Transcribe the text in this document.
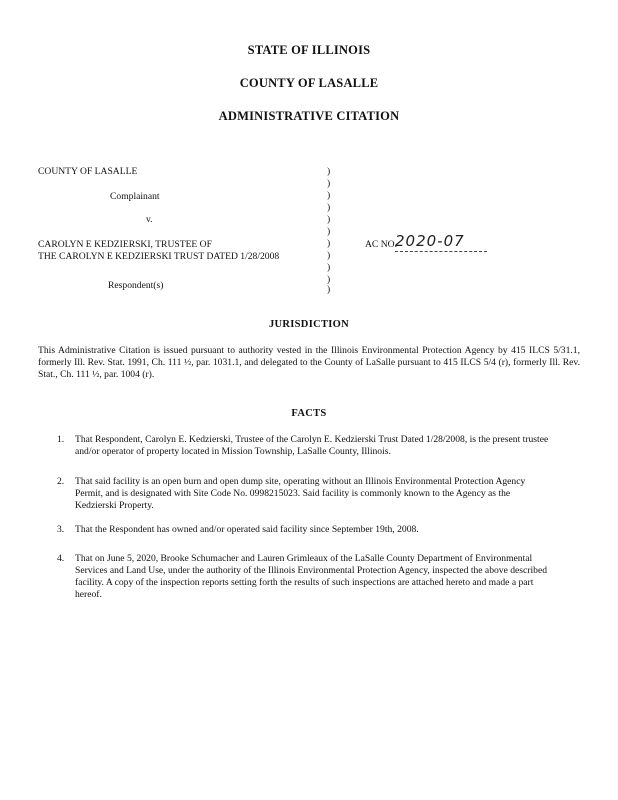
STATE OF ILLINOIS
COUNTY OF LASALLE
ADMINISTRATIVE CITATION
COUNTY OF LASALLE
Complainant
v.
CAROLYN E KEDZIERSKI, TRUSTEE OF
THE CAROLYN E KEDZIERSKI TRUST DATED 1/28/2008
Respondent(s)
)
)
)
)
)
)
)
)
)
)
)
AC NO.
2020-07
JURISDICTION
This Administrative Citation is issued pursuant to authority vested in the Illinois Environmental Protection Agency by 415 ILCS 5/31.1, formerly Ill. Rev. Stat. 1991, Ch. 111 ½, par. 1031.1, and delegated to the County of LaSalle pursuant to 415 ILCS 5/4 (r), formerly Ill. Rev. Stat., Ch. 111 ½, par. 1004 (r).
FACTS
1. That Respondent, Carolyn E. Kedzierski, Trustee of the Carolyn E. Kedzierski Trust Dated 1/28/2008, is the present trustee and/or operator of property located in Mission Township, LaSalle County, Illinois.
2. That said facility is an open burn and open dump site, operating without an Illinois Environmental Protection Agency Permit, and is designated with Site Code No. 0998215023. Said facility is commonly known to the Agency as the Kedzierski Property.
3. That the Respondent has owned and/or operated said facility since September 19th, 2008.
4. That on June 5, 2020, Brooke Schumacher and Lauren Grimleaux of the LaSalle County Department of Environmental Services and Land Use, under the authority of the Illinois Environmental Protection Agency, inspected the above described facility. A copy of the inspection reports setting forth the results of such inspections are attached hereto and made a part hereof.
